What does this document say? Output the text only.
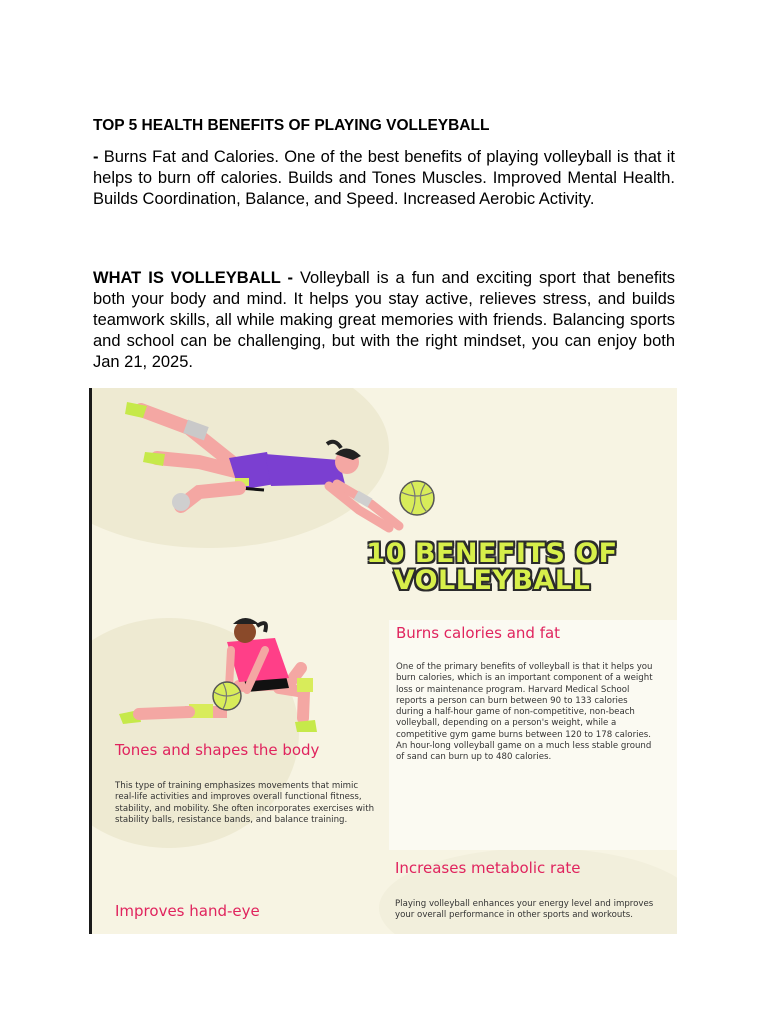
TOP 5 HEALTH BENEFITS OF PLAYING VOLLEYBALL
- Burns Fat and Calories. One of the best benefits of playing volleyball is that it helps to burn off calories. Builds and Tones Muscles. Improved Mental Health. Builds Coordination, Balance, and Speed. Increased Aerobic Activity.
WHAT IS VOLLEYBALL - Volleyball is a fun and exciting sport that benefits both your body and mind. It helps you stay active, relieves stress, and builds teamwork skills, all while making great memories with friends. Balancing sports and school can be challenging, but with the right mindset, you can enjoy both Jan 21, 2025.
10 BENEFITS OF
VOLLEYBALL
Burns calories and fat
One of the primary benefits of volleyball is that it helps you burn calories, which is an important component of a weight loss or maintenance program. Harvard Medical School reports a person can burn between 90 to 133 calories during a half-hour game of non-competitive, non-beach volleyball, depending on a person's weight, while a competitive gym game burns between 120 to 178 calories. An hour-long volleyball game on a much less stable ground of sand can burn up to 480 calories.
Tones and shapes the body
This type of training emphasizes movements that mimic real-life activities and improves overall functional fitness, stability, and mobility. She often incorporates exercises with stability balls, resistance bands, and balance training.
Increases metabolic rate
Playing volleyball enhances your energy level and improves your overall performance in other sports and workouts.
Improves hand-eye
